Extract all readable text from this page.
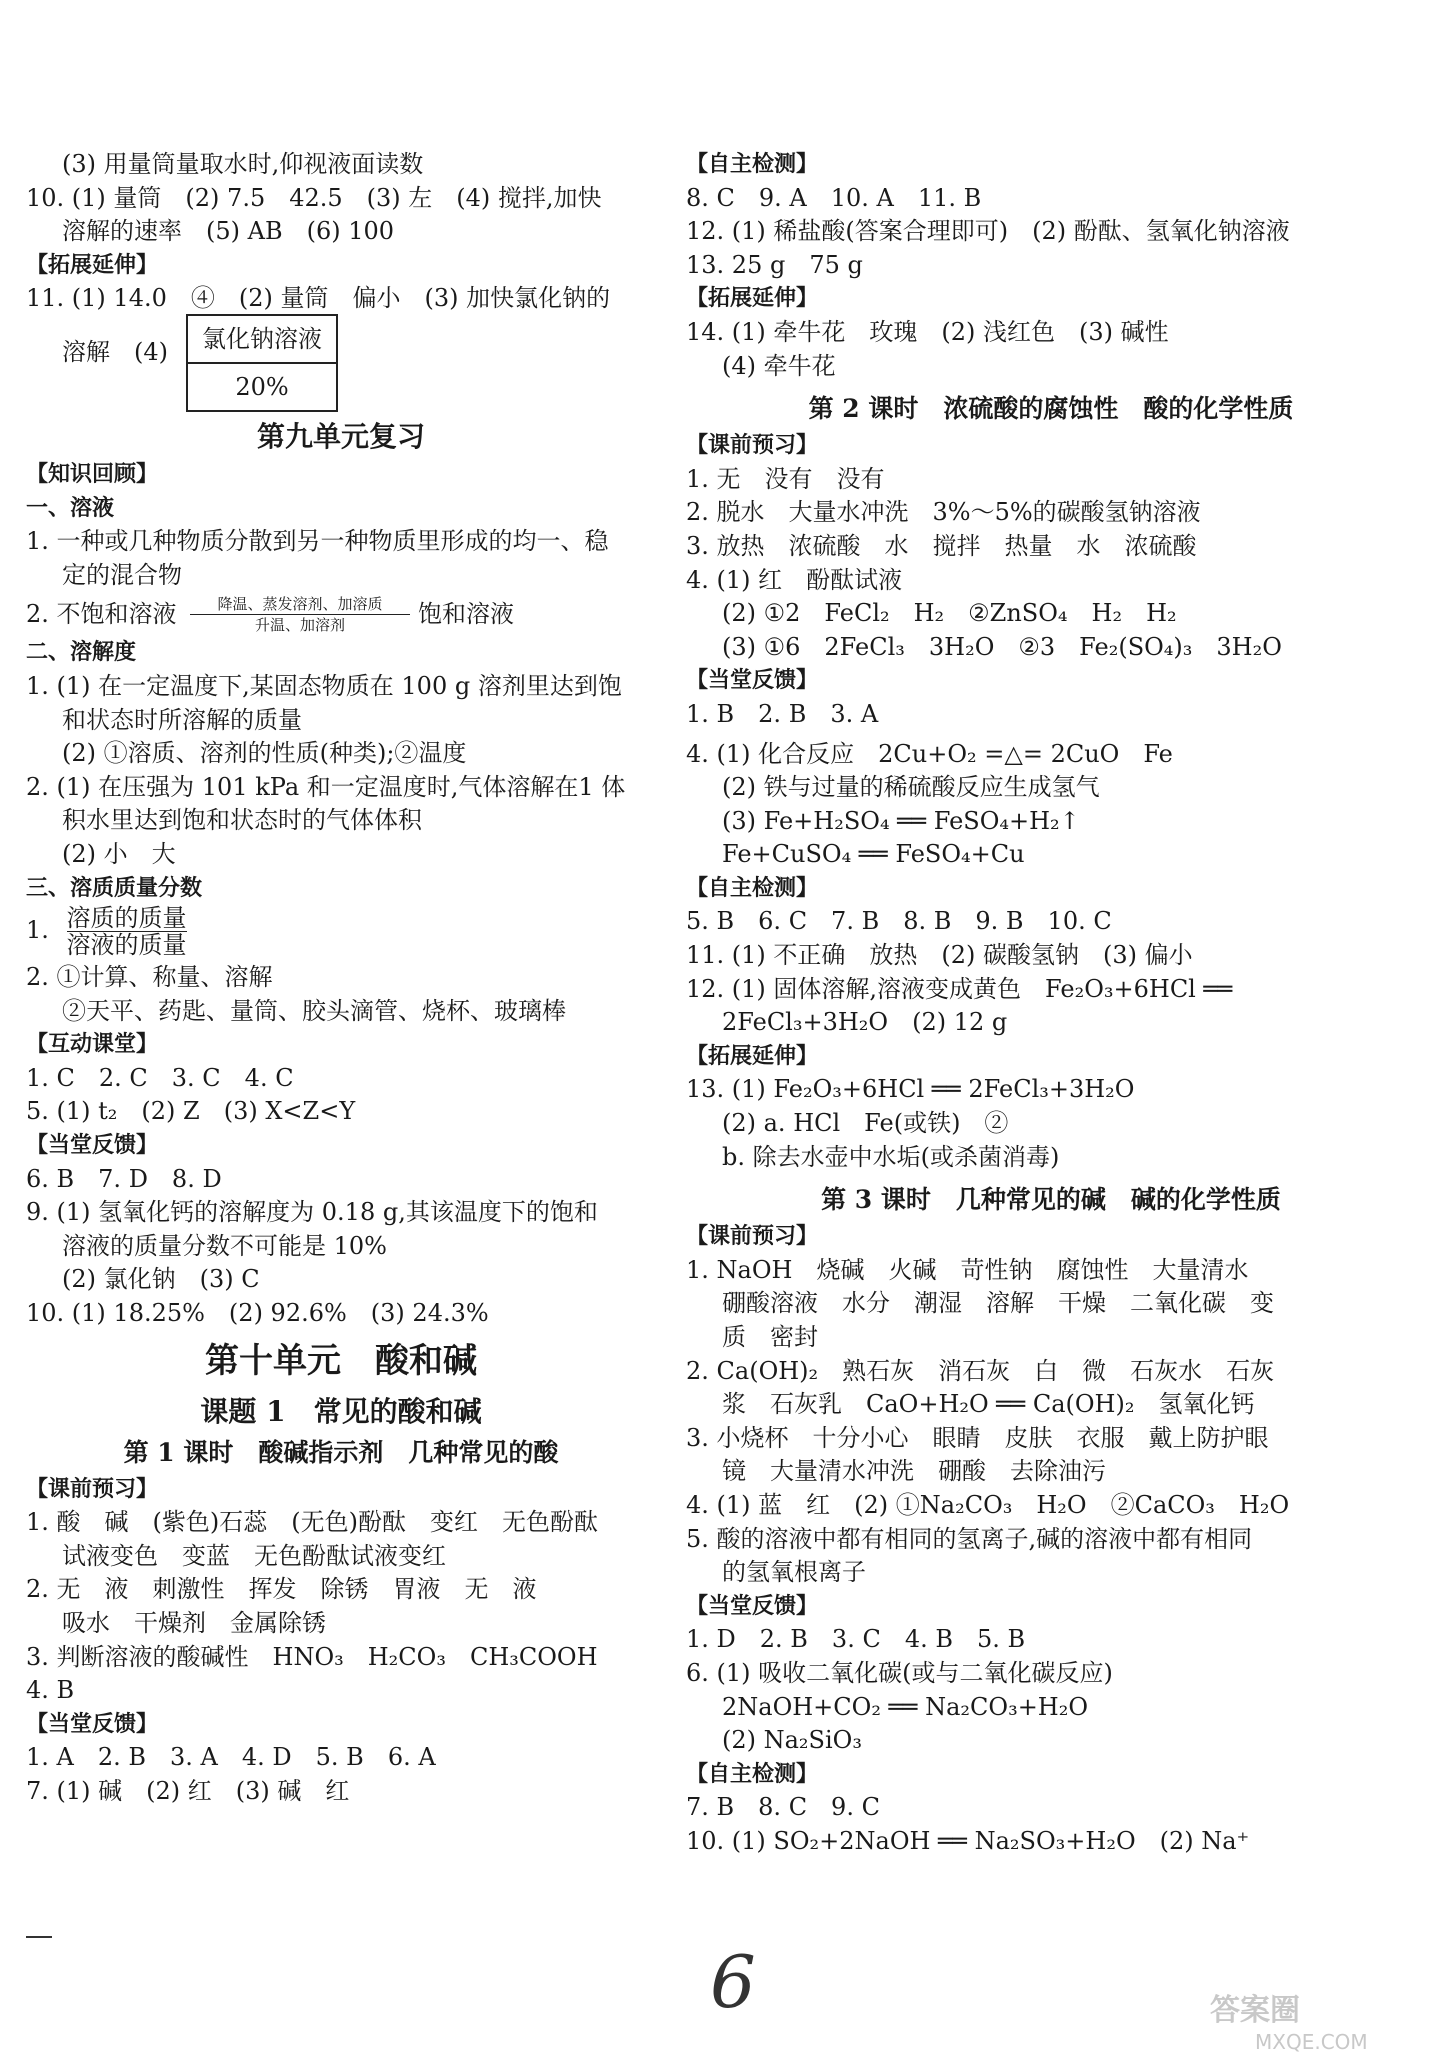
(3) 用量筒量取水时,仰视液面读数
10. (1) 量筒　(2) 7.5　42.5　(3) 左　(4) 搅拌,加快
溶解的速率　(5) AB　(6) 100
【拓展延伸】
11. (1) 14.0　④　(2) 量筒　偏小　(3) 加快氯化钠的
溶解　(4)	氯化钠溶液
20%
第九单元复习
【知识回顾】
一、溶液
1. 一种或几种物质分散到另一种物质里形成的均一、稳
定的混合物
2. 不饱和溶液	降温、蒸发溶剂、加溶质
升温、加溶剂	饱和溶液
二、溶解度
1. (1) 在一定温度下,某固态物质在 100 g 溶剂里达到饱
和状态时所溶解的质量
(2) ①溶质、溶剂的性质(种类);②温度
2. (1) 在压强为 101 kPa 和一定温度时,气体溶解在1 体
积水里达到饱和状态时的气体体积
(2) 小　大
三、溶质质量分数
1. $\frac{\text{溶质的质量}}{\text{溶液的质量}}$
2. ①计算、称量、溶解
②天平、药匙、量筒、胶头滴管、烧杯、玻璃棒
【互动课堂】
1. C　2. C　3. C　4. C
5. (1) t₂　(2) Z　(3) X<Z<Y
【当堂反馈】
6. B　7. D　8. D
9. (1) 氢氧化钙的溶解度为 0.18 g,其该温度下的饱和
溶液的质量分数不可能是 10%
(2) 氯化钠　(3) C
10. (1) 18.25%　(2) 92.6%　(3) 24.3%
第十单元　酸和碱
课题 1　常见的酸和碱
第 1 课时　酸碱指示剂　几种常见的酸
【课前预习】
1. 酸　碱　(紫色)石蕊　(无色)酚酞　变红　无色酚酞
试液变色　变蓝　无色酚酞试液变红
2. 无　液　刺激性　挥发　除锈　胃液　无　液
吸水　干燥剂　金属除锈
3. 判断溶液的酸碱性　HNO₃　H₂CO₃　CH₃COOH
4. B
【当堂反馈】
1. A　2. B　3. A　4. D　5. B　6. A
7. (1) 碱　(2) 红　(3) 碱　红
【自主检测】
8. C　9. A　10. A　11. B
12. (1) 稀盐酸(答案合理即可)　(2) 酚酞、氢氧化钠溶液
13. 25 g　75 g
【拓展延伸】
14. (1) 牵牛花　玫瑰　(2) 浅红色　(3) 碱性
(4) 牵牛花
第 2 课时　浓硫酸的腐蚀性　酸的化学性质
【课前预习】
1. 无　没有　没有
2. 脱水　大量水冲洗　3%～5%的碳酸氢钠溶液
3. 放热　浓硫酸　水　搅拌　热量　水　浓硫酸
4. (1) 红　酚酞试液
(2) ①2　FeCl₂　H₂　②ZnSO₄　H₂　H₂
(3) ①6　2FeCl₃　3H₂O　②3　Fe₂(SO₄)₃　3H₂O
【当堂反馈】
1. B　2. B　3. A
4. (1) 化合反应　2Cu+O₂ =△= 2CuO　Fe
(2) 铁与过量的稀硫酸反应生成氢气
(3) Fe+H₂SO₄ ══ FeSO₄+H₂↑
Fe+CuSO₄ ══ FeSO₄+Cu
【自主检测】
5. B　6. C　7. B　8. B　9. B　10. C
11. (1) 不正确　放热　(2) 碳酸氢钠　(3) 偏小
12. (1) 固体溶解,溶液变成黄色　Fe₂O₃+6HCl ══
2FeCl₃+3H₂O　(2) 12 g
【拓展延伸】
13. (1) Fe₂O₃+6HCl ══ 2FeCl₃+3H₂O
(2) a. HCl　Fe(或铁)　②
b. 除去水壶中水垢(或杀菌消毒)
第 3 课时　几种常见的碱　碱的化学性质
【课前预习】
1. NaOH　烧碱　火碱　苛性钠　腐蚀性　大量清水
硼酸溶液　水分　潮湿　溶解　干燥　二氧化碳　变
质　密封
2. Ca(OH)₂　熟石灰　消石灰　白　微　石灰水　石灰
浆　石灰乳　CaO+H₂O ══ Ca(OH)₂　氢氧化钙
3. 小烧杯　十分小心　眼睛　皮肤　衣服　戴上防护眼
镜　大量清水冲洗　硼酸　去除油污
4. (1) 蓝　红　(2) ①Na₂CO₃　H₂O　②CaCO₃　H₂O
5. 酸的溶液中都有相同的氢离子,碱的溶液中都有相同
的氢氧根离子
【当堂反馈】
1. D　2. B　3. C　4. B　5. B
6. (1) 吸收二氧化碳(或与二氧化碳反应)
2NaOH+CO₂ ══ Na₂CO₃+H₂O
(2) Na₂SiO₃
【自主检测】
7. B　8. C　9. C
10. (1) SO₂+2NaOH ══ Na₂SO₃+H₂O　(2) Na⁺
6	答案圈
MXQE.COM
